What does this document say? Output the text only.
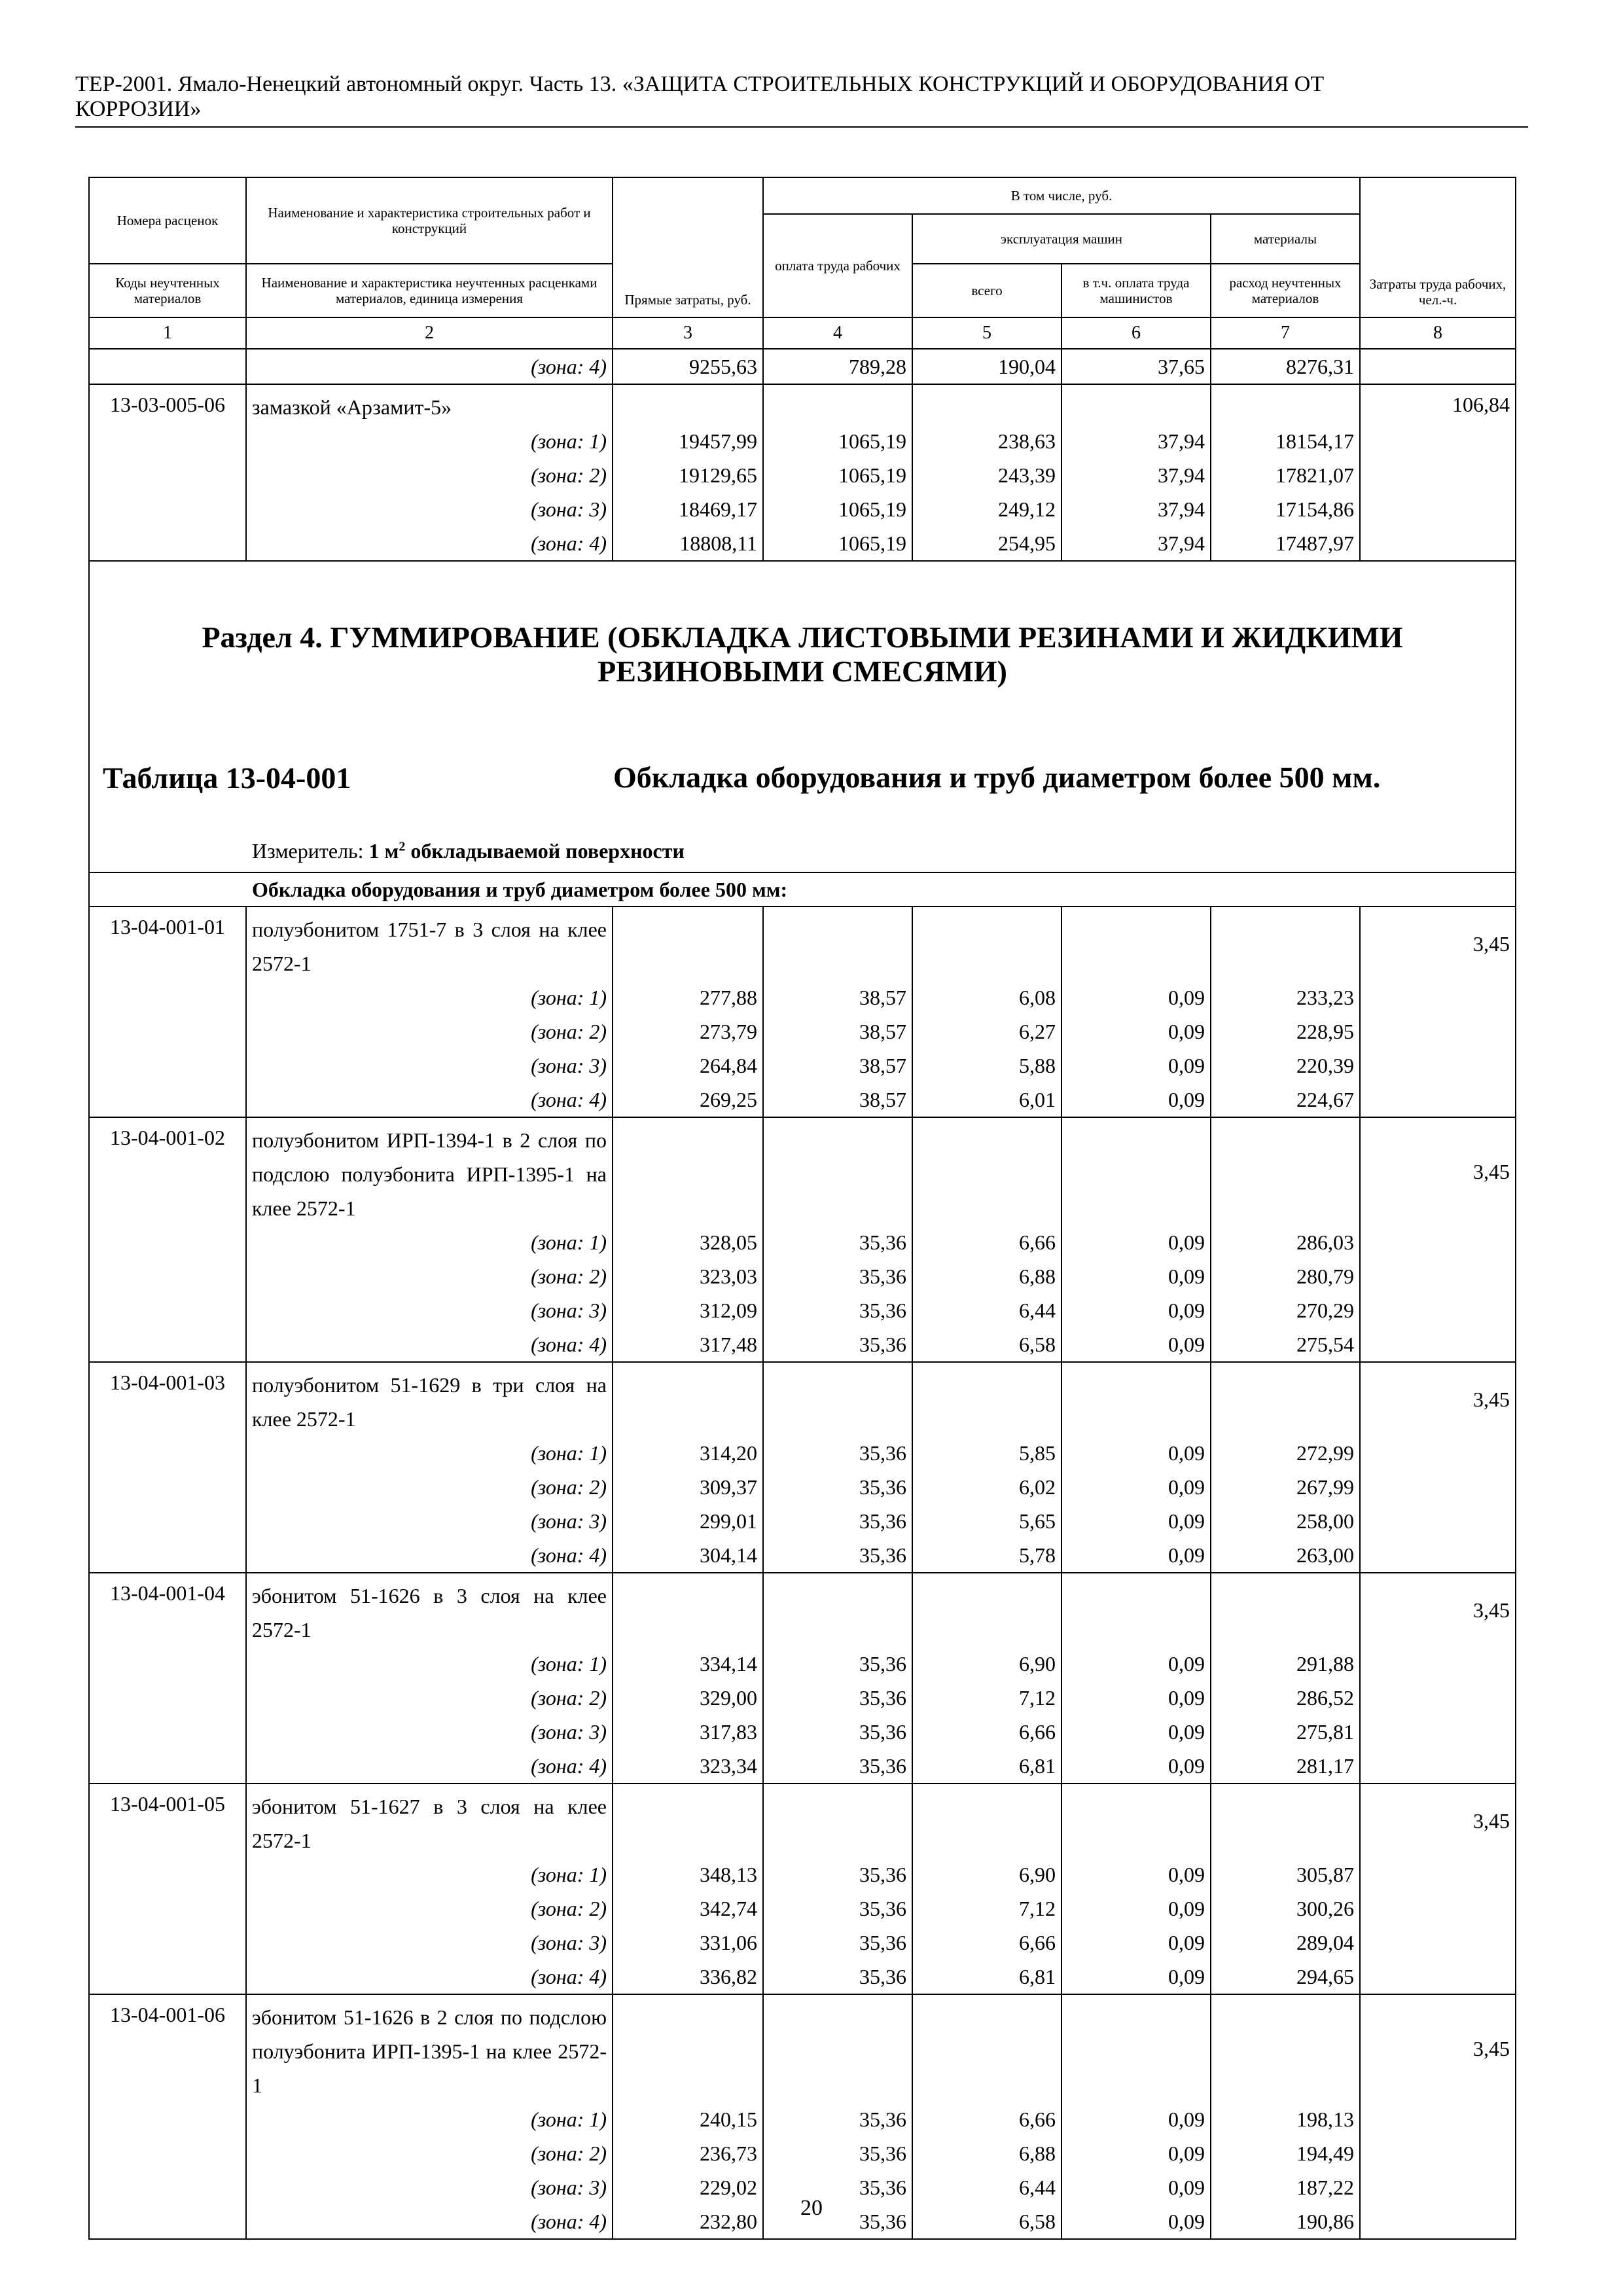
ТЕР-2001. Ямало-Ненецкий автономный округ. Часть 13. «ЗАЩИТА СТРОИТЕЛЬНЫХ КОНСТРУКЦИЙ И ОБОРУДОВАНИЯ ОТ
КОРРОЗИИ»
Номера расценок	Наименование и характеристика строительных работ и конструкций	Прямые затраты, руб.	В том числе, руб.				Затраты труда рабочих, чел.-ч.
			оплата труда рабочих	эксплуатация машин		материалы	
Коды неучтенных материалов	Наименование и характеристика неучтенных расценками материалов, единица измерения			всего	в т.ч. оплата труда машинистов	расход неучтенных материалов	

1	2	3	4	5	6	7	8
	(зона: 4)	9255,63	789,28	190,04	37,65	8276,31	
13-03-005-06	замазкой «Арзамит-5»						106,84
	(зона: 1)	19457,99	1065,19	238,63	37,94	18154,17	
	(зона: 2)	19129,65	1065,19	243,39	37,94	17821,07	
	(зона: 3)	18469,17	1065,19	249,12	37,94	17154,86	
	(зона: 4)	18808,11	1065,19	254,95	37,94	17487,97	

Раздел 4. ГУММИРОВАНИЕ (ОБКЛАДКА ЛИСТОВЫМИ РЕЗИНАМИ И ЖИДКИМИ
РЕЗИНОВЫМИ СМЕСЯМИ)
Таблица 13-04-001 Обкладка оборудования и труб диаметром более 500 мм.
Измеритель: 1 $м^2$ обкладываемой поверхности							

Обкладка оборудования и труб диаметром более 500 мм:							
13-04-001-01	полуэбонитом 1751-7 в 3 слоя на клее 2572-1						3,45
	(зона: 1)	277,88	38,57	6,08	0,09	233,23	
	(зона: 2)	273,79	38,57	6,27	0,09	228,95	
	(зона: 3)	264,84	38,57	5,88	0,09	220,39	
	(зона: 4)	269,25	38,57	6,01	0,09	224,67	
13-04-001-02	полуэбонитом ИРП-1394-1 в 2 слоя по подслою полуэбонита ИРП-1395-1 на клее 2572-1						3,45
	(зона: 1)	328,05	35,36	6,66	0,09	286,03	
	(зона: 2)	323,03	35,36	6,88	0,09	280,79	
	(зона: 3)	312,09	35,36	6,44	0,09	270,29	
	(зона: 4)	317,48	35,36	6,58	0,09	275,54	
13-04-001-03	полуэбонитом 51-1629 в три слоя на клее 2572-1						3,45
	(зона: 1)	314,20	35,36	5,85	0,09	272,99	
	(зона: 2)	309,37	35,36	6,02	0,09	267,99	
	(зона: 3)	299,01	35,36	5,65	0,09	258,00	
	(зона: 4)	304,14	35,36	5,78	0,09	263,00	
13-04-001-04	эбонитом 51-1626 в 3 слоя на клее 2572-1						3,45
	(зона: 1)	334,14	35,36	6,90	0,09	291,88	
	(зона: 2)	329,00	35,36	7,12	0,09	286,52	
	(зона: 3)	317,83	35,36	6,66	0,09	275,81	
	(зона: 4)	323,34	35,36	6,81	0,09	281,17	
13-04-001-05	эбонитом 51-1627 в 3 слоя на клее 2572-1						3,45
	(зона: 1)	348,13	35,36	6,90	0,09	305,87	
	(зона: 2)	342,74	35,36	7,12	0,09	300,26	
	(зона: 3)	331,06	35,36	6,66	0,09	289,04	
	(зона: 4)	336,82	35,36	6,81	0,09	294,65	
13-04-001-06	эбонитом 51-1626 в 2 слоя по подслою полуэбонита ИРП-1395-1 на клее 2572-1						3,45
	(зона: 1)	240,15	35,36	6,66	0,09	198,13	
	(зона: 2)	236,73	35,36	6,88	0,09	194,49	
	(зона: 3)	229,02	35,36	6,44	0,09	187,22	
	(зона: 4)	232,80	35,36	6,58	0,09	190,86	
20
